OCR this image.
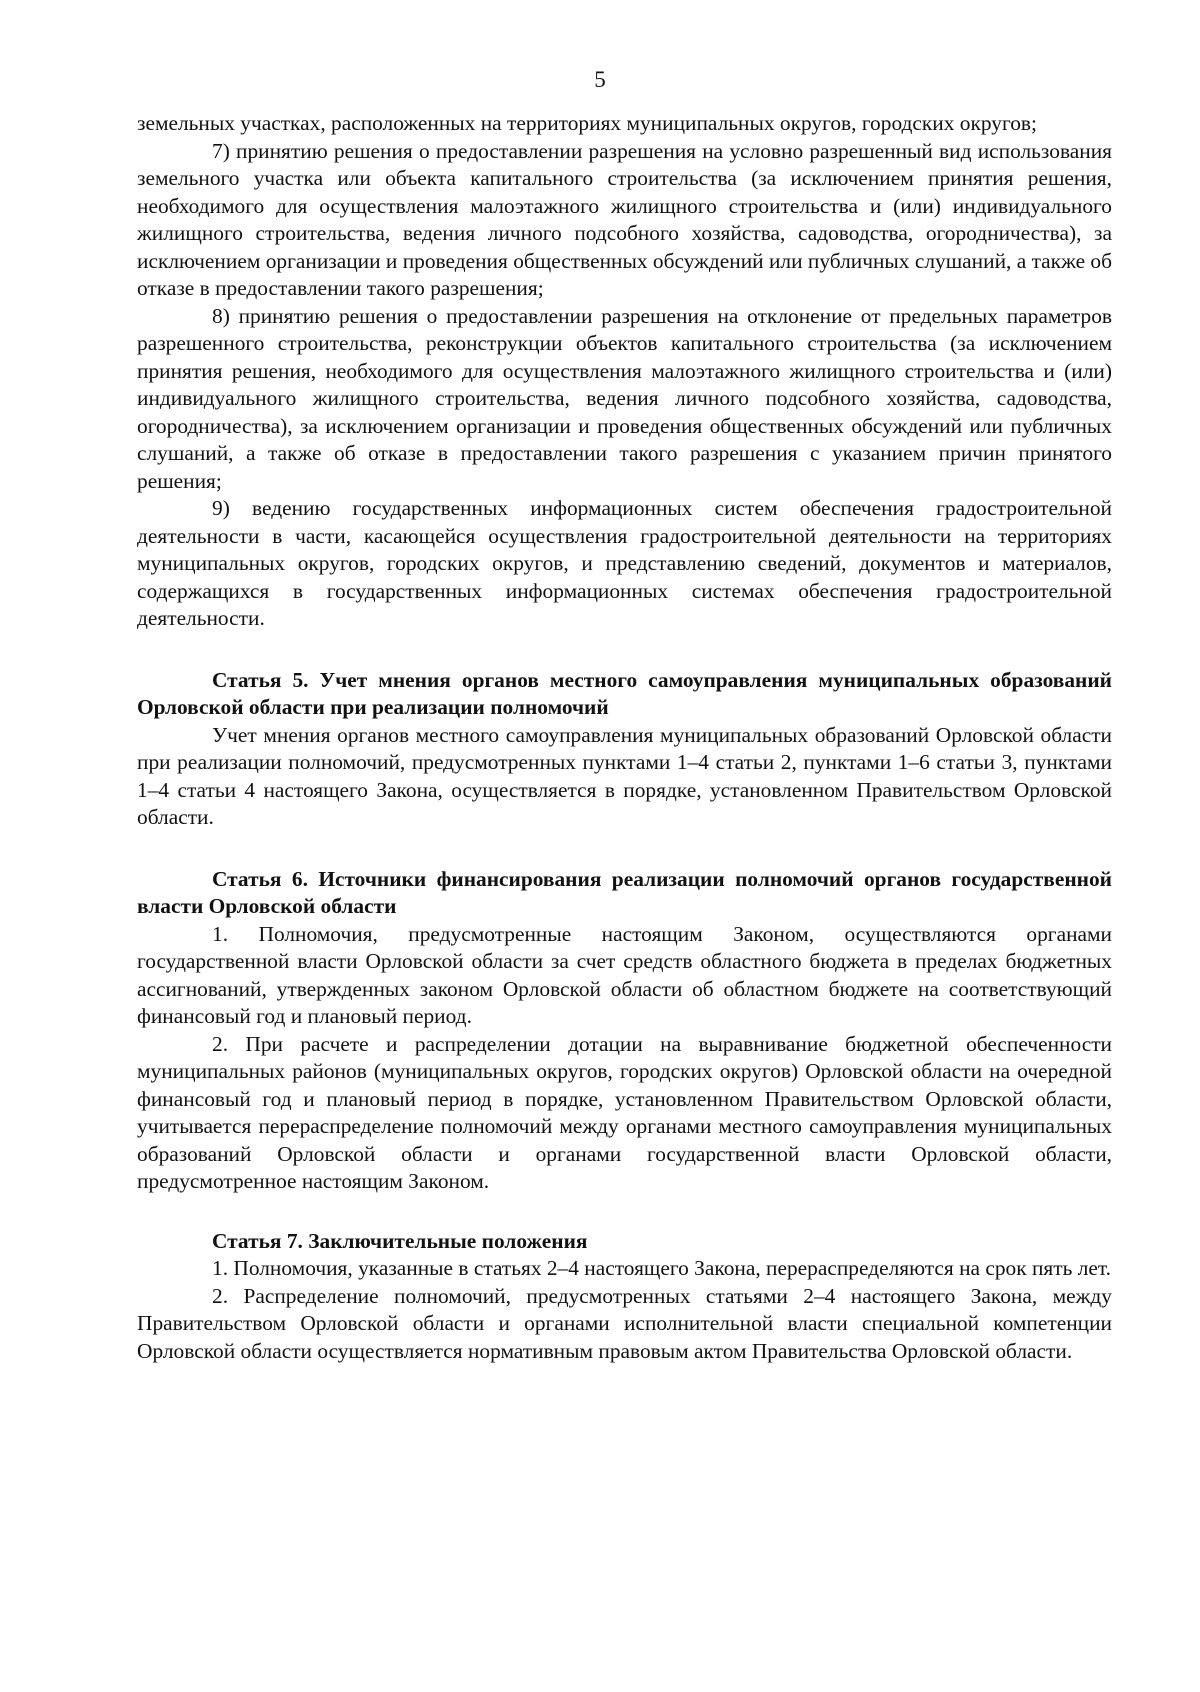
5

земельных участках, расположенных на территориях муниципальных округов, городских округов;

7) принятию решения о предоставлении разрешения на условно разрешенный вид использования земельного участка или объекта капитального строительства (за исключением принятия решения, необходимого для осуществления малоэтажного жилищного строительства и (или) индивидуального жилищного строительства, ведения личного подсобного хозяйства, садоводства, огородничества), за исключением организации и проведения общественных обсуждений или публичных слушаний, а также об отказе в предоставлении такого разрешения;

8) принятию решения о предоставлении разрешения на отклонение от предельных параметров разрешенного строительства, реконструкции объектов капитального строительства (за исключением принятия решения, необходимого для осуществления малоэтажного жилищного строительства и (или) индивидуального жилищного строительства, ведения личного подсобного хозяйства, садоводства, огородничества), за исключением организации и проведения общественных обсуждений или публичных слушаний, а также об отказе в предоставлении такого разрешения с указанием причин принятого решения;

9) ведению государственных информационных систем обеспечения градостроительной деятельности в части, касающейся осуществления градостроительной деятельности на территориях муниципальных округов, городских округов, и представлению сведений, документов и материалов, содержащихся в государственных информационных системах обеспечения градостроительной деятельности.

Статья 5. Учет мнения органов местного самоуправления муниципальных образований Орловской области при реализации полномочий

Учет мнения органов местного самоуправления муниципальных образований Орловской области при реализации полномочий, предусмотренных пунктами 1–4 статьи 2, пунктами 1–6 статьи 3, пунктами 1–4 статьи 4 настоящего Закона, осуществляется в порядке, установленном Правительством Орловской области.

Статья 6. Источники финансирования реализации полномочий органов государственной власти Орловской области

1. Полномочия, предусмотренные настоящим Законом, осуществляются органами государственной власти Орловской области за счет средств областного бюджета в пределах бюджетных ассигнований, утвержденных законом Орловской области об областном бюджете на соответствующий финансовый год и плановый период.

2. При расчете и распределении дотации на выравнивание бюджетной обеспеченности муниципальных районов (муниципальных округов, городских округов) Орловской области на очередной финансовый год и плановый период в порядке, установленном Правительством Орловской области, учитывается перераспределение полномочий между органами местного самоуправления муниципальных образований Орловской области и органами государственной власти Орловской области, предусмотренное настоящим Законом.

Статья 7. Заключительные положения

1. Полномочия, указанные в статьях 2–4 настоящего Закона, перераспределяются на срок пять лет.

2. Распределение полномочий, предусмотренных статьями 2–4 настоящего Закона, между Правительством Орловской области и органами исполнительной власти специальной компетенции Орловской области осуществляется нормативным правовым актом Правительства Орловской области.
